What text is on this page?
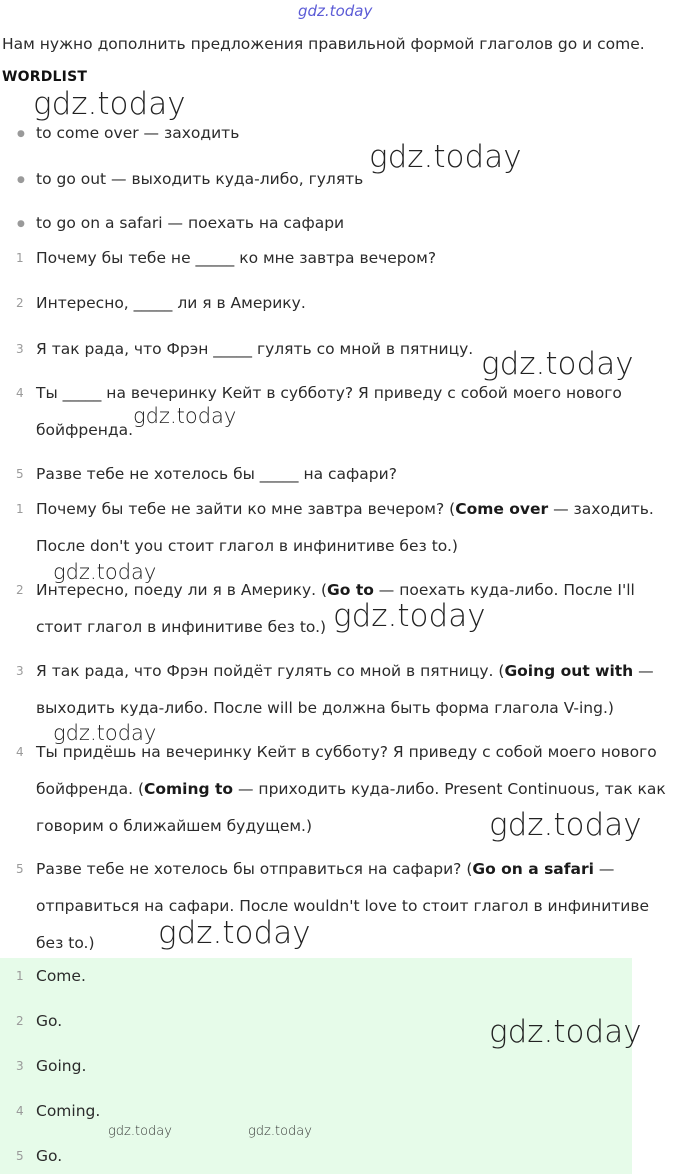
Нам нужно дополнить предложения правильной формой глаголов go и come.
WORDLIST
● to come over — заходить
● to go out — выходить куда-либо, гулять
● to go on a safari — поехать на сафари
1 Почему бы тебе не _____ ко мне завтра вечером?
2 Интересно, _____ ли я в Америку.
3 Я так рада, что Фрэн _____ гулять со мной в пятницу.
4 Ты _____ на вечеринку Кейт в субботу? Я приведу с собой моего нового бойфренда.
5 Разве тебе не хотелось бы _____ на сафари?
1 Почему бы тебе не зайти ко мне завтра вечером? (Come over — заходить. После don't you стоит глагол в инфинитиве без to.)
2 Интересно, поеду ли я в Америку. (Go to — поехать куда-либо. После I'll стоит глагол в инфинитиве без to.)
3 Я так рада, что Фрэн пойдёт гулять со мной в пятницу. (Going out with — выходить куда-либо. После will be должна быть форма глагола V-ing.)
4 Ты придёшь на вечеринку Кейт в субботу? Я приведу с собой моего нового бойфренда. (Coming to — приходить куда-либо. Present Continuous, так как говорим о ближайшем будущем.)
5 Разве тебе не хотелось бы отправиться на сафари? (Go on a safari — отправиться на сафари. После wouldn't love to стоит глагол в инфинитиве без to.)
1 Come.
2 Go.
3 Going.
4 Coming.
5 Go.
gdz.today
gdz.today
gdz.today
gdz.today
gdz.today
gdz.today
gdz.today
gdz.today
gdz.today
gdz.today
gdz.today
gdz.today	gdz.today
